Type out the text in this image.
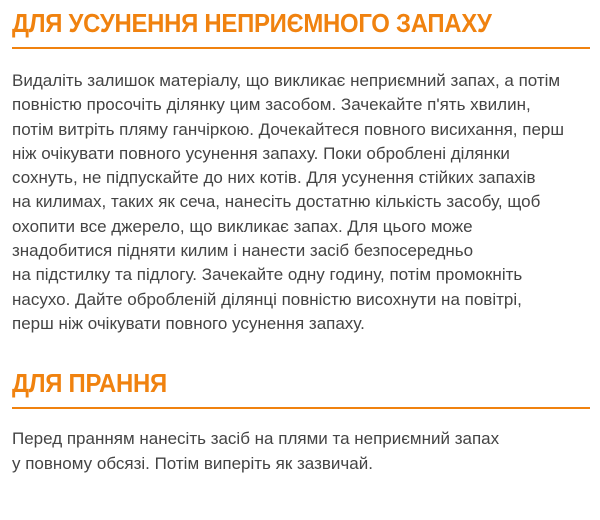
ДЛЯ УСУНЕННЯ НЕПРИЄМНОГО ЗАПАХУ

Видаліть залишок матеріалу, що викликає неприємний запах, а потім
повністю просочіть ділянку цим засобом. Зачекайте п'ять хвилин,
потім витріть пляму ганчіркою. Дочекайтеся повного висихання, перш
ніж очікувати повного усунення запаху. Поки оброблені ділянки
сохнуть, не підпускайте до них котів. Для усунення стійких запахів
на килимах, таких як сеча, нанесіть достатню кількість засобу, щоб
охопити все джерело, що викликає запах. Для цього може
знадобитися підняти килим і нанести засіб безпосередньо
на підстилку та підлогу. Зачекайте одну годину, потім промокніть
насухо. Дайте обробленій ділянці повністю висохнути на повітрі,
перш ніж очікувати повного усунення запаху.

ДЛЯ ПРАННЯ

Перед пранням нанесіть засіб на плями та неприємний запах
у повному обсязі. Потім виперіть як зазвичай.
